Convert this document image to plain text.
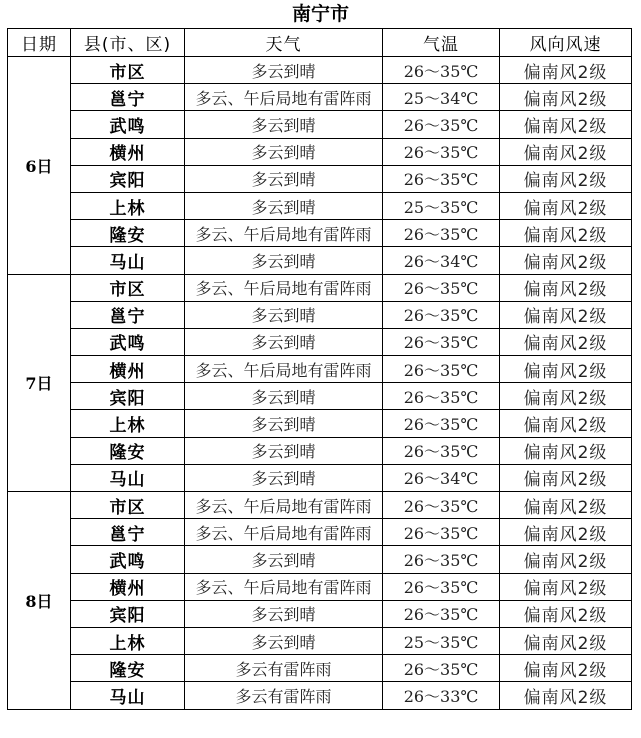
南宁市
日期	县(市、区)	天气	气温	风向风速
6日	市区	多云到晴	26～35℃	偏南风2级
	邕宁	多云、午后局地有雷阵雨	25～34℃	偏南风2级
	武鸣	多云到晴	26～35℃	偏南风2级
	横州	多云到晴	26～35℃	偏南风2级
	宾阳	多云到晴	26～35℃	偏南风2级
	上林	多云到晴	25～35℃	偏南风2级
	隆安	多云、午后局地有雷阵雨	26～35℃	偏南风2级
	马山	多云到晴	26～34℃	偏南风2级
7日	市区	多云、午后局地有雷阵雨	26～35℃	偏南风2级
	邕宁	多云到晴	26～35℃	偏南风2级
	武鸣	多云到晴	26～35℃	偏南风2级
	横州	多云、午后局地有雷阵雨	26～35℃	偏南风2级
	宾阳	多云到晴	26～35℃	偏南风2级
	上林	多云到晴	26～35℃	偏南风2级
	隆安	多云到晴	26～35℃	偏南风2级
	马山	多云到晴	26～34℃	偏南风2级
8日	市区	多云、午后局地有雷阵雨	26～35℃	偏南风2级
	邕宁	多云、午后局地有雷阵雨	26～35℃	偏南风2级
	武鸣	多云到晴	26～35℃	偏南风2级
	横州	多云、午后局地有雷阵雨	26～35℃	偏南风2级
	宾阳	多云到晴	26～35℃	偏南风2级
	上林	多云到晴	25～35℃	偏南风2级
	隆安	多云有雷阵雨	26～35℃	偏南风2级
	马山	多云有雷阵雨	26～33℃	偏南风2级
